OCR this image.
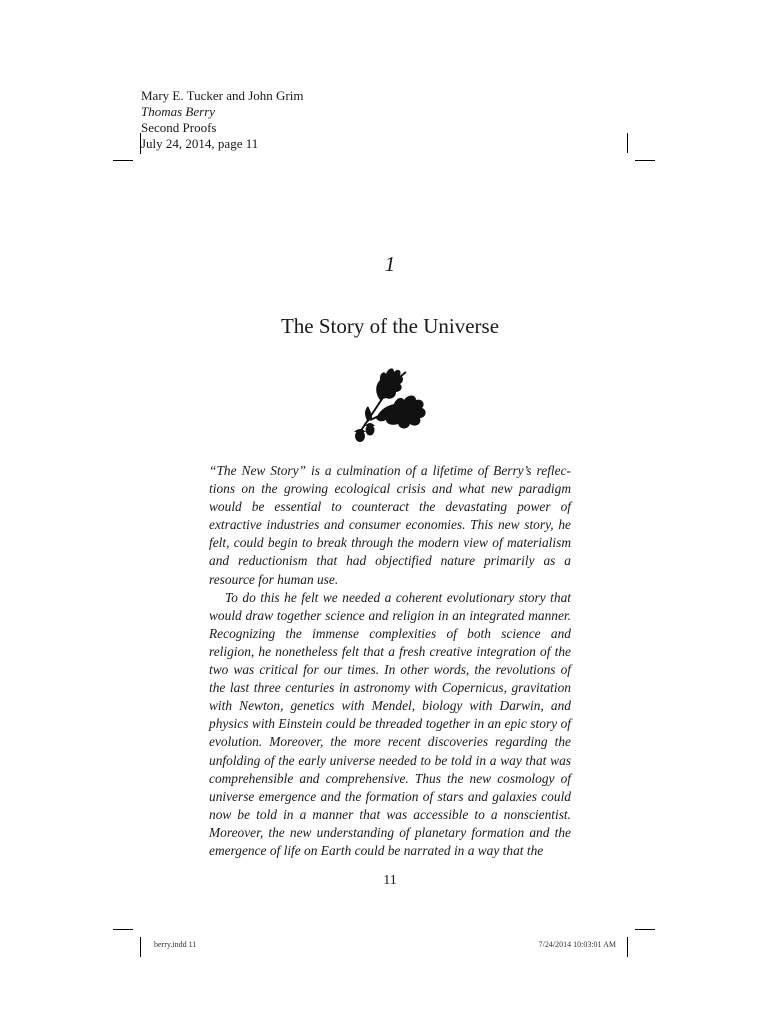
Mary E. Tucker and John Grim
Thomas Berry
Second Proofs
July 24, 2014, page 11
1
The Story of the Universe

“The New Story” is a culmination of a lifetime of Berry’s reflections on the growing ecological crisis and what new paradigm would be essential to counteract the devastating power of extractive industries and consumer economies. This new story, he felt, could begin to break through the modern view of materialism and reductionism that had objectified nature primarily as a resource for human use.

To do this he felt we needed a coherent evolutionary story that would draw together science and religion in an integrated manner. Recognizing the immense complexities of both science and religion, he nonetheless felt that a fresh creative integration of the two was critical for our times. In other words, the revolutions of the last three centuries in astronomy with Copernicus, gravitation with Newton, genetics with Mendel, biology with Darwin, and physics with Einstein could be threaded together in an epic story of evolution. Moreover, the more recent discoveries regarding the unfolding of the early universe needed to be told in a way that was comprehensible and comprehensive. Thus the new cosmology of universe emergence and the formation of stars and galaxies could now be told in a manner that was accessible to a nonscientist. Moreover, the new understanding of planetary formation and the emergence of life on Earth could be narrated in a way that the

11
berry.indd 11	7/24/2014 10:03:01 AM
